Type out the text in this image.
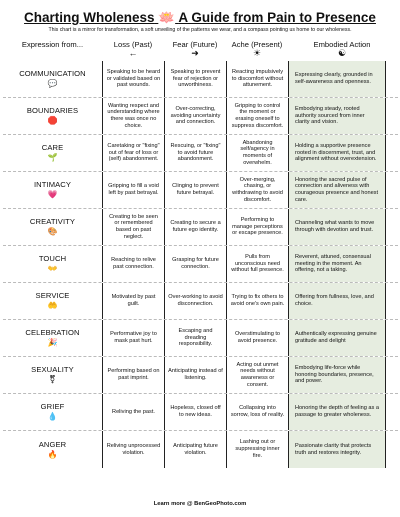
Charting Wholeness 🪷 A Guide from Pain to Presence
This chart is a mirror for transformation, a soft unveiling of the patterns we wear, and a compass pointing us home to our wholeness.
Expression from...	Loss (Past)
←
Fear (Future)
➜
Ache (Present)
☀
Embodied Action
☯
COMMUNICATION
💬
Speaking to be heard or validated based on past wounds.
Speaking to prevent fear of rejection or unworthiness.
Reacting impulsively to discomfort without attunement.
Expressing clearly, grounded in self-awareness and openness.
BOUNDARIES
🛑
Wanting respect and understanding where there was once no choice.
Over-correcting, avoiding uncertainty and connection.
Gripping to control the moment or erasing oneself to suppress discomfort.
Embodying steady, rooted authority sourced from inner clarity and vision.
CARE
🌱
Caretaking or "fixing" out of fear of loss or (self) abandonment.
Rescuing, or "fixing" to avoid future abandonment.
Abandoning self/agency in moments of overwhelm.
Holding a supportive presence rooted in discernment, trust, and alignment without overextension.
INTIMACY
💗
Gripping to fill a void left by past betrayal.
Clinging to prevent future betrayal.
Over-merging, chasing, or withdrawing to avoid discomfort.
Honoring the sacred pulse of connection and aliveness with courageous presence and honest care.
CREATIVITY
🎨
Creating to be seen or remembered based on past neglect.
Creating to secure a future ego identity.
Performing to manage perceptions or escape presence.
Channeling what wants to move through with devotion and trust.
TOUCH
👐
Reaching to relive past connection.
Grasping for future connection.
Pulls from unconscious need without full presence.
Reverent, attuned, consensual meeting in the moment. An offering, not a taking.
SERVICE
🤲
Motivated by past guilt.
Over-working to avoid disconnection.
Trying to fix others to avoid one's own pain.
Offering from fullness, love, and choice.
CELEBRATION
🎉
Performative joy to mask past hurt.
Escaping and dreading responsibility.
Overstimulating to avoid presence.
Authentically expressing genuine gratitude and delight
SEXUALITY
⚧
Performing based on past imprint.
Anticipating instead of listening.
Acting out unmet needs without awareness or consent.
Embodying life-force while honoring boundaries, presence, and power.
GRIEF
💧
Reliving the past.
Hopeless, closed off to new ideas.
Collapsing into sorrow, loss of reality.
Honoring the depth of feeling as a passage to greater wholeness.
ANGER
🔥
Reliving unprocessed violation.
Anticipating future violation.
Lashing out or suppressing inner fire.
Passionate clarity that protects truth and restores integrity.
Learn more @ BenGeoPhoto.com
